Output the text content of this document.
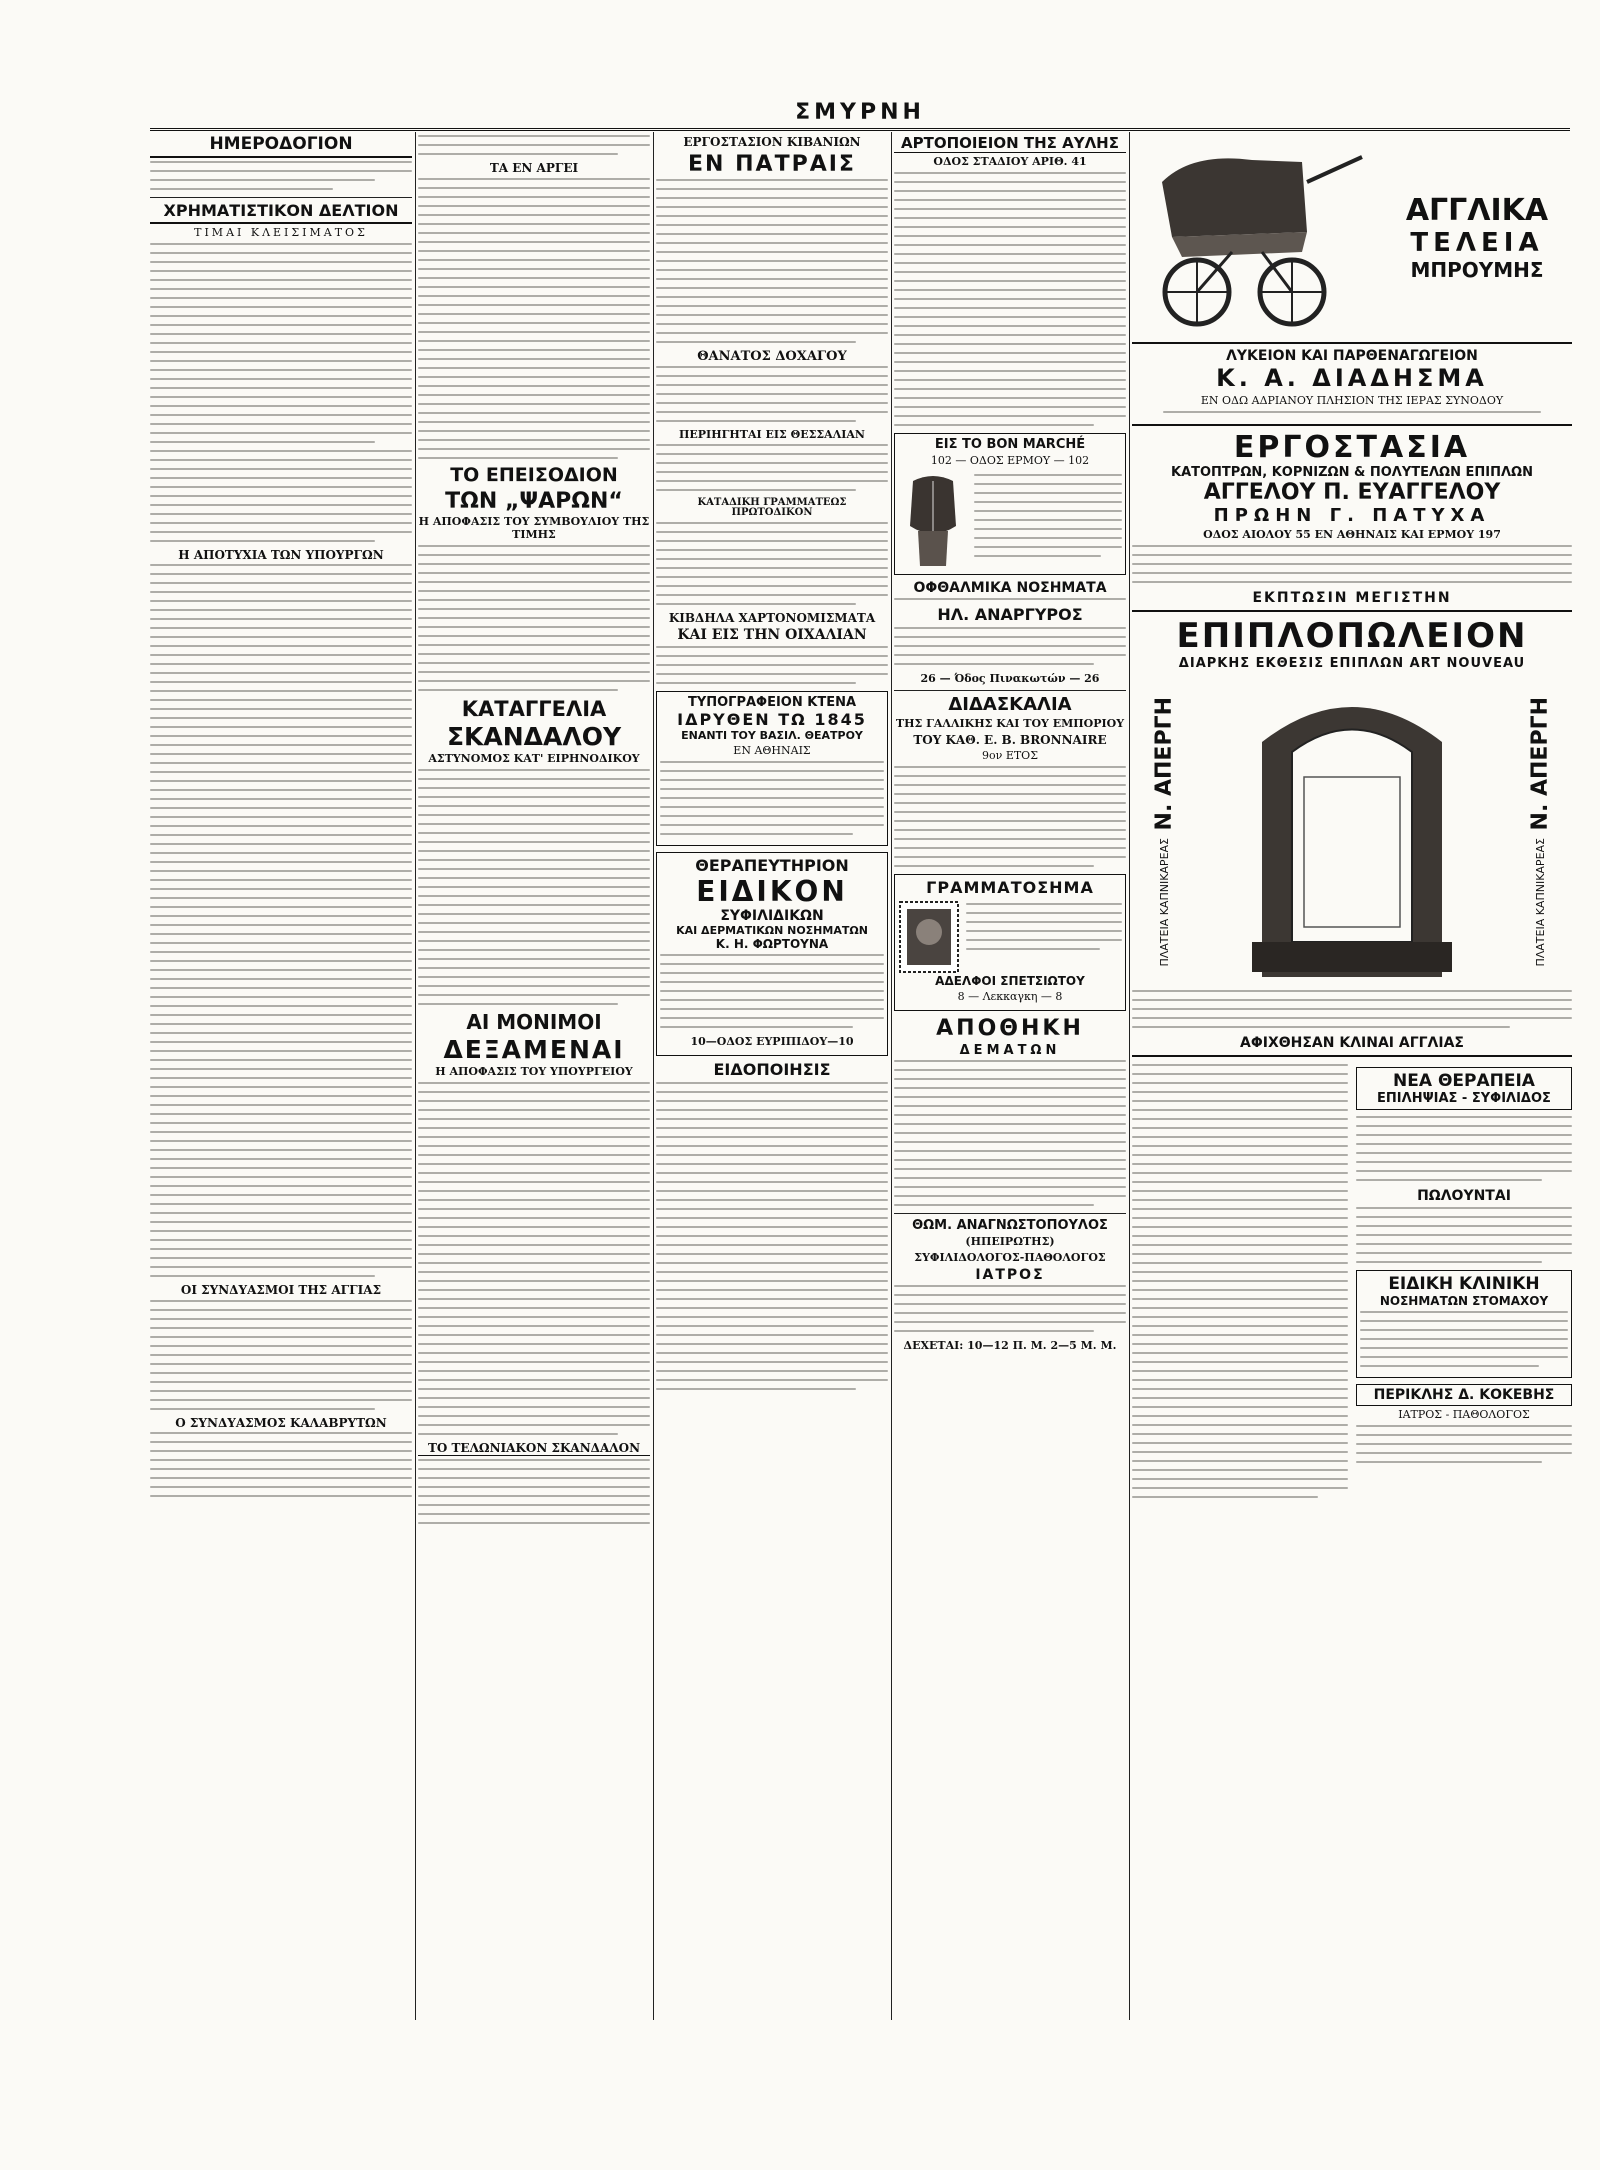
ΣΜΥΡΝΗ
ΗΜΕΡΟΔΟΓΙΟΝ
ΧΡΗΜΑΤΙΣΤΙΚΟΝ ΔΕΛΤΙΟΝ
ΤΙΜΑΙ ΚΛΕΙΣΙΜΑΤΟΣ
Η ΑΠΟΤΥΧΙΑ ΤΩΝ ΥΠΟΥΡΓΩΝ
ΟΙ ΣΥΝΔΥΑΣΜΟΙ ΤΗΣ ΑΓΓΙΑΣ
Ο ΣΥΝΔΥΑΣΜΟΣ ΚΑΛΑΒΡΥΤΩΝ
ΤΑ ΕΝ ΑΡΓΕΙ
ΤΟ ΕΠΕΙΣΟΔΙΟΝ
ΤΩΝ „ΨΑΡΩΝ“
Η ΑΠΟΦΑΣΙΣ ΤΟΥ ΣΥΜΒΟΥΛΙΟΥ ΤΗΣ ΤΙΜΗΣ
ΚΑΤΑΓΓΕΛΙΑ
ΣΚΑΝΔΑΛΟΥ
ΑΣΤΥΝΟΜΟΣ ΚΑΤ' ΕΙΡΗΝΟΔΙΚΟΥ
ΑΙ ΜΟΝΙΜΟΙ
ΔΕΞΑΜΕΝΑΙ
Η ΑΠΟΦΑΣΙΣ ΤΟΥ ΥΠΟΥΡΓΕΙΟΥ
ΤΟ ΤΕΛΩΝΙΑΚΟΝ ΣΚΑΝΔΑΛΟΝ
ΕΡΓΟΣΤΑΣΙΟΝ ΚΙΒΑΝΙΩΝ
ΕΝ ΠΑΤΡΑΙΣ
ΘΑΝΑΤΟΣ ΔΟΧΑΓΟΥ
ΠΕΡΙΗΓΗΤΑΙ ΕΙΣ ΘΕΣΣΑΛΙΑΝ
ΚΑΤΑΔΙΚΗ ΓΡΑΜΜΑΤΕΩΣ ΠΡΩΤΟΔΙΚΟΝ
ΚΙΒΔΗΛΑ ΧΑΡΤΟΝΟΜΙΣΜΑΤΑ
ΚΑΙ ΕΙΣ ΤΗΝ ΟΙΧΑΛΙΑΝ
ΤΥΠΟΓΡΑΦΕΙΟΝ ΚΤΕΝΑ
ΙΔΡΥΘΕΝ ΤΩ 1845
ΕΝΑΝΤΙ ΤΟΥ ΒΑΣΙΛ. ΘΕΑΤΡΟΥ
ΕΝ ΑΘΗΝΑΙΣ
ΘΕΡΑΠΕΥΤΗΡΙΟΝ
ΕΙΔΙΚΟΝ
ΣΥΦΙΛΙΔΙΚΩΝ
ΚΑΙ ΔΕΡΜΑΤΙΚΩΝ ΝΟΣΗΜΑΤΩΝ
Κ. Η. ΦΩΡΤΟΥΝΑ
10—ΟΔΟΣ ΕΥΡΙΠΙΔΟΥ—10
ΕΙΔΟΠΟΙΗΣΙΣ
ΑΡΤΟΠΟΙΕΙΟΝ ΤΗΣ ΑΥΛΗΣ
ΟΔΟΣ ΣΤΑΔΙΟΥ ΑΡΙΘ. 41
ΕΙΣ ΤΟ BON MARCHÉ
102 — ΟΔΟΣ ΕΡΜΟΥ — 102
ΟΦΘΑΛΜΙΚΑ ΝΟΣΗΜΑΤΑ
ΗΛ. ΑΝΑΡΓΥΡΟΣ
26 — Όδος Πινακωτών — 26
ΔΙΔΑΣΚΑΛΙΑ
ΤΗΣ ΓΑΛΛΙΚΗΣ ΚΑΙ ΤΟΥ ΕΜΠΟΡΙΟΥ
ΤΟΥ ΚΑΘ. Ε. Β. BRONNAIRE
9ον ΕΤΟΣ
ΓΡΑΜΜΑΤΟΣΗΜΑ
ΑΔΕΛΦΟΙ ΣΠΕΤΣΙΩΤΟΥ
8 — Λεκκαγκη — 8
ΑΠΟΘΗΚΗ
ΔΕΜΑΤΩΝ
ΘΩΜ. ΑΝΑΓΝΩΣΤΟΠΟΥΛΟΣ
(ΗΠΕΙΡΩΤΗΣ)
ΣΥΦΙΛΙΔΟΛΟΓΟΣ-ΠΑΘΟΛΟΓΟΣ
ΙΑΤΡΟΣ
ΔΕΧΕΤΑΙ: 10—12 Π. Μ. 2—5 Μ. Μ.
ΑΓΓΛΙΚΑ
ΤΕΛΕΙΑ
ΜΠΡΟΥΜΗΣ
ΛΥΚΕΙΟΝ ΚΑΙ ΠΑΡΘΕΝΑΓΩΓΕΙΟΝ
Κ. Α. ΔΙΑΔΗΣΜΑ
ΕΝ ΟΔΩ ΑΔΡΙΑΝΟΥ ΠΛΗΣΙΟΝ ΤΗΣ ΙΕΡΑΣ ΣΥΝΟΔΟΥ
ΕΡΓΟΣΤΑΣΙΑ
ΚΑΤΟΠΤΡΩΝ, ΚΟΡΝΙΖΩΝ & ΠΟΛΥΤΕΛΩΝ ΕΠΙΠΛΩΝ
ΑΓΓΕΛΟΥ Π. ΕΥΑΓΓΕΛΟΥ
ΠΡΩΗΝ Γ. ΠΑΤΥΧΑ
ΟΔΟΣ ΑΙΟΛΟΥ 55 ΕΝ ΑΘΗΝΑΙΣ ΚΑΙ ΕΡΜΟΥ 197
ΕΚΠΤΩΣΙΝ ΜΕΓΙΣΤΗΝ
ΕΠΙΠΛΟΠΩΛΕΙΟΝ
ΔΙΑΡΚΗΣ ΕΚΘΕΣΙΣ ΕΠΙΠΛΩΝ ART NOUVEAU
Ν. ΑΠΕΡΓΗ
ΠΛΑΤΕΙΑ ΚΑΠΝΙΚΑΡΕΑΣ
Ν. ΑΠΕΡΓΗ
ΠΛΑΤΕΙΑ ΚΑΠΝΙΚΑΡΕΑΣ
ΑΦΙΧΘΗΣΑΝ ΚΛΙΝΑΙ ΑΓΓΛΙΑΣ
ΝΕΑ ΘΕΡΑΠΕΙΑ
ΕΠΙΛΗΨΙΑΣ - ΣΥΦΙΛΙΔΟΣ
ΠΩΛΟΥΝΤΑΙ
ΕΙΔΙΚΗ ΚΛΙΝΙΚΗ
ΝΟΣΗΜΑΤΩΝ ΣΤΟΜΑΧΟΥ
ΠΕΡΙΚΛΗΣ Δ. ΚΟΚΕΒΗΣ
ΙΑΤΡΟΣ - ΠΑΘΟΛΟΓΟΣ
